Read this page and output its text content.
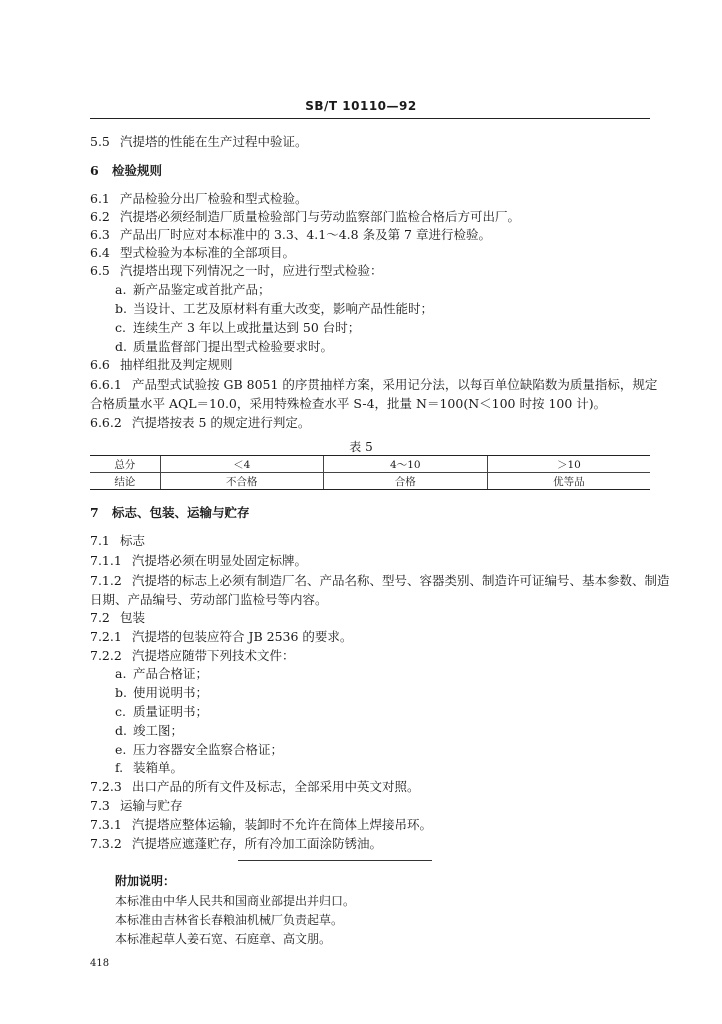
SB/T 10110—92
5.5 汽提塔的性能在生产过程中验证。
6 检验规则
6.1 产品检验分出厂检验和型式检验。
6.2 汽提塔必须经制造厂质量检验部门与劳动监察部门监检合格后方可出厂。
6.3 产品出厂时应对本标准中的 3.3、4.1～4.8 条及第 7 章进行检验。
6.4 型式检验为本标准的全部项目。
6.5 汽提塔出现下列情况之一时，应进行型式检验：
a. 新产品鉴定或首批产品；
b. 当设计、工艺及原材料有重大改变，影响产品性能时；
c. 连续生产 3 年以上或批量达到 50 台时；
d. 质量监督部门提出型式检验要求时。
6.6 抽样组批及判定规则
6.6.1 产品型式试验按 GB 8051 的序贯抽样方案，采用记分法，以每百单位缺陷数为质量指标，规定
合格质量水平 AQL＝10.0，采用特殊检查水平 S-4，批量 N＝100(N＜100 时按 100 计)。
6.6.2 汽提塔按表 5 的规定进行判定。
表 5
总分	＜4	4～10	＞10
结论	不合格	合格	优等品
7 标志、包装、运输与贮存
7.1 标志
7.1.1 汽提塔必须在明显处固定标牌。
7.1.2 汽提塔的标志上必须有制造厂名、产品名称、型号、容器类别、制造许可证编号、基本参数、制造
日期、产品编号、劳动部门监检号等内容。
7.2 包装
7.2.1 汽提塔的包装应符合 JB 2536 的要求。
7.2.2 汽提塔应随带下列技术文件：
a. 产品合格证；
b. 使用说明书；
c. 质量证明书；
d. 竣工图；
e. 压力容器安全监察合格证；
f. 装箱单。
7.2.3 出口产品的所有文件及标志，全部采用中英文对照。
7.3 运输与贮存
7.3.1 汽提塔应整体运输，装卸时不允许在筒体上焊接吊环。
7.3.2 汽提塔应遮蓬贮存，所有冷加工面涂防锈油。
附加说明：
本标准由中华人民共和国商业部提出并归口。
本标准由吉林省长春粮油机械厂负责起草。
本标准起草人姜石宽、石庭章、高文朋。
418
